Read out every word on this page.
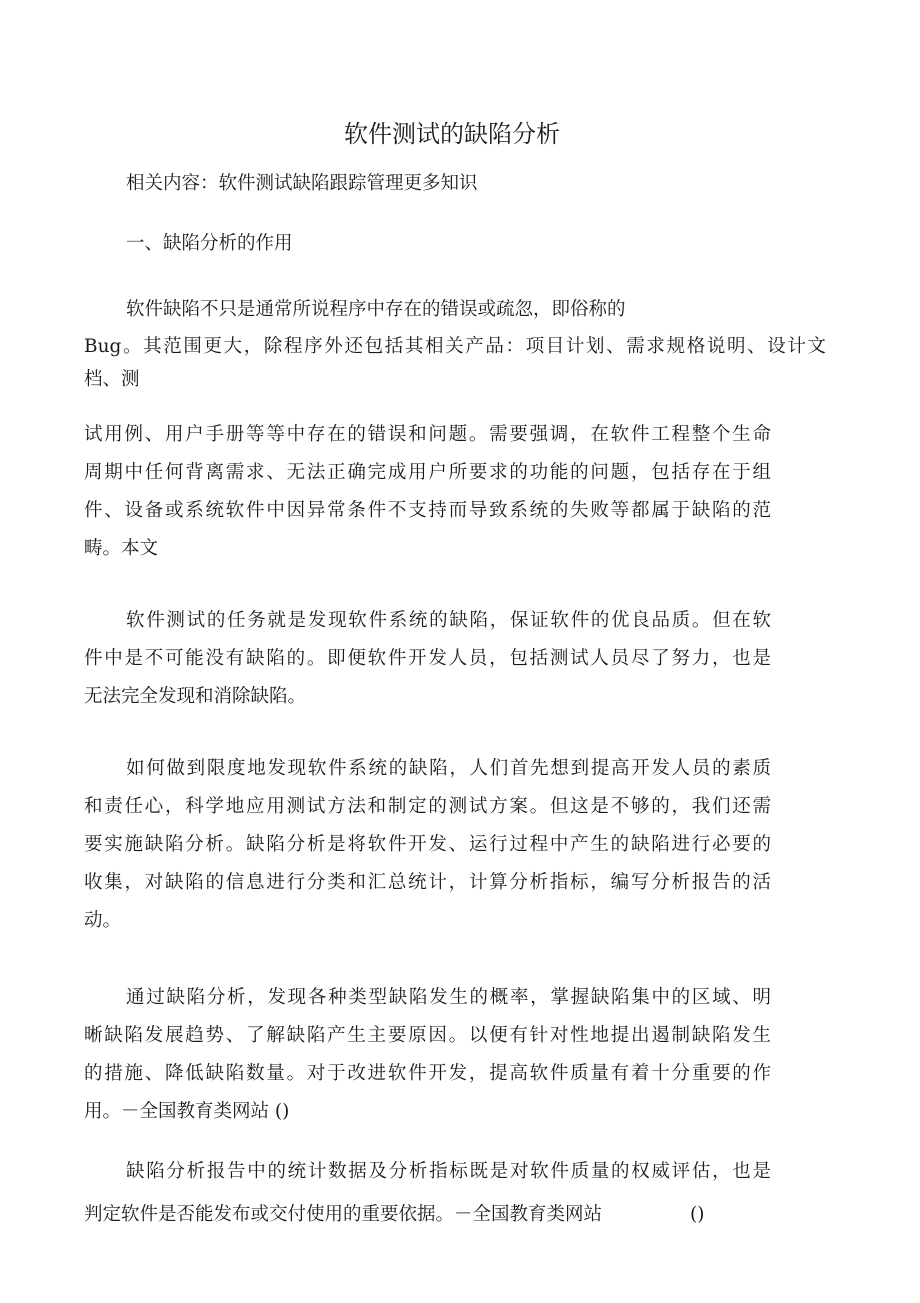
软件测试的缺陷分析
相关内容：软件测试缺陷跟踪管理更多知识
一、缺陷分析的作用
软件缺陷不只是通常所说程序中存在的错误或疏忽，即俗称的
Bug。其范围更大，除程序外还包括其相关产品：项目计划、需求规格说明、设计文
档、测
试用例、用户手册等等中存在的错误和问题。需要强调，在软件工程整个生命
周期中任何背离需求、无法正确完成用户所要求的功能的问题，包括存在于组
件、设备或系统软件中因异常条件不支持而导致系统的失败等都属于缺陷的范
畴。本文
软件测试的任务就是发现软件系统的缺陷，保证软件的优良品质。但在软
件中是不可能没有缺陷的。即便软件开发人员，包括测试人员尽了努力，也是
无法完全发现和消除缺陷。
如何做到限度地发现软件系统的缺陷，人们首先想到提高开发人员的素质
和责任心，科学地应用测试方法和制定的测试方案。但这是不够的，我们还需
要实施缺陷分析。缺陷分析是将软件开发、运行过程中产生的缺陷进行必要的
收集，对缺陷的信息进行分类和汇总统计，计算分析指标，编写分析报告的活
动。
通过缺陷分析，发现各种类型缺陷发生的概率，掌握缺陷集中的区域、明
晰缺陷发展趋势、了解缺陷产生主要原因。以便有针对性地提出遏制缺陷发生
的措施、降低缺陷数量。对于改进软件开发，提高软件质量有着十分重要的作
用。－全国教育类网站 ()
缺陷分析报告中的统计数据及分析指标既是对软件质量的权威评估，也是
判定软件是否能发布或交付使用的重要依据。－全国教育类网站	()
